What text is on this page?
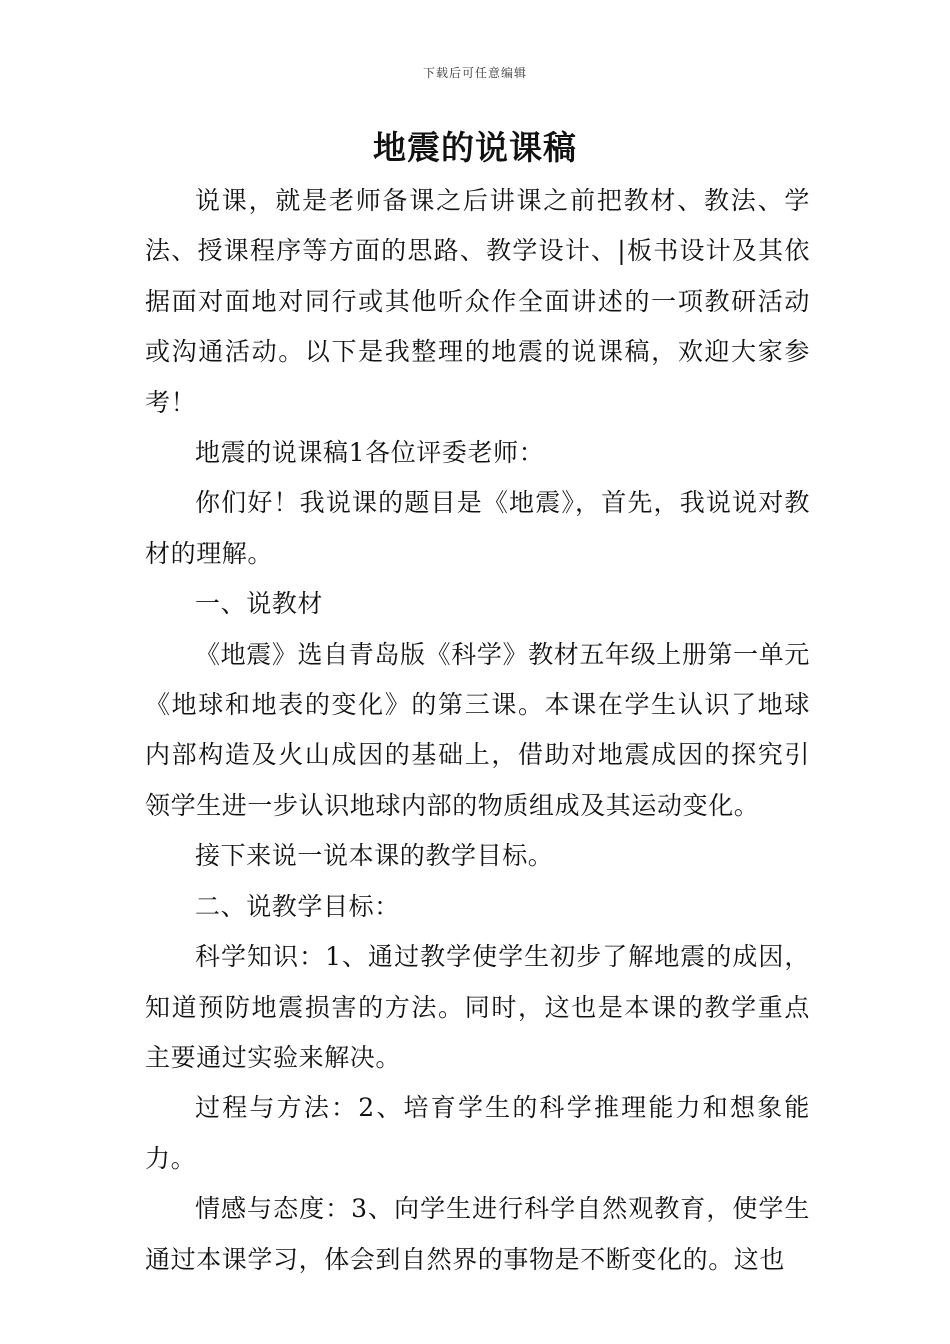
下载后可任意编辑
地震的说课稿

说课，就是老师备课之后讲课之前把教材、教法、学法、授课程序等方面的思路、教学设计、|板书设计及其依据面对面地对同行或其他听众作全面讲述的一项教研活动或沟通活动。以下是我整理的地震的说课稿，欢迎大家参考！

地震的说课稿1各位评委老师：

你们好！我说课的题目是《地震》，首先，我说说对教材的理解。

一、说教材

《地震》选自青岛版《科学》教材五年级上册第一单元《地球和地表的变化》的第三课。本课在学生认识了地球内部构造及火山成因的基础上，借助对地震成因的探究引领学生进一步认识地球内部的物质组成及其运动变化。

接下来说一说本课的教学目标。

二、说教学目标：

科学知识：1、通过教学使学生初步了解地震的成因，知道预防地震损害的方法。同时，这也是本课的教学重点主要通过实验来解决。

过程与方法：2、培育学生的科学推理能力和想象能力。

情感与态度：3、向学生进行科学自然观教育，使学生通过本课学习，体会到自然界的事物是不断变化的。这也
